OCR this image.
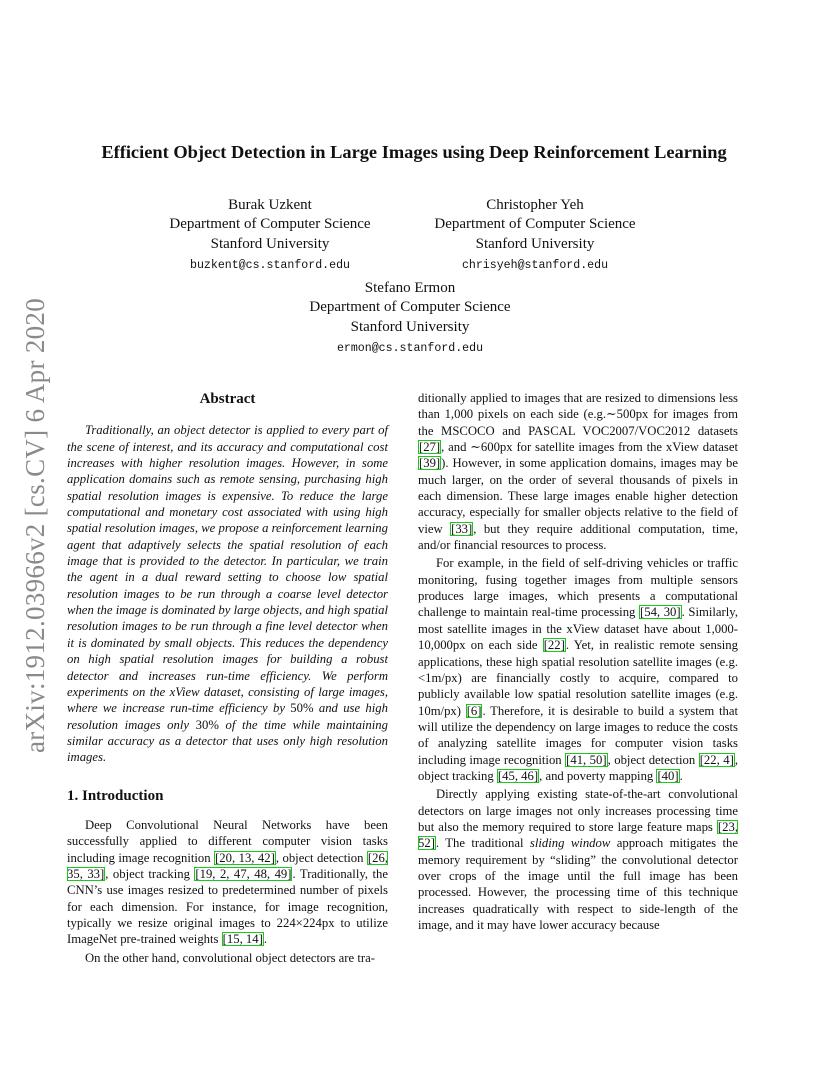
arXiv:1912.03966v2 [cs.CV] 6 Apr 2020
Efficient Object Detection in Large Images using Deep Reinforcement Learning
Burak Uzkent
Department of Computer Science
Stanford University
buzkent@cs.stanford.edu
Christopher Yeh
Department of Computer Science
Stanford University
chrisyeh@stanford.edu
Stefano Ermon
Department of Computer Science
Stanford University
ermon@cs.stanford.edu
Abstract

Traditionally, an object detector is applied to every part of the scene of interest, and its accuracy and computational cost increases with higher resolution images. However, in some application domains such as remote sensing, purchasing high spatial resolution images is expensive. To reduce the large computational and monetary cost associated with using high spatial resolution images, we propose a reinforcement learning agent that adaptively selects the spatial resolution of each image that is provided to the detector. In particular, we train the agent in a dual reward setting to choose low spatial resolution images to be run through a coarse level detector when the image is dominated by large objects, and high spatial resolution images to be run through a fine level detector when it is dominated by small objects. This reduces the dependency on high spatial resolution images for building a robust detector and increases run-time efficiency. We perform experiments on the xView dataset, consisting of large images, where we increase run-time efficiency by 50% and use high resolution images only 30% of the time while maintaining similar accuracy as a detector that uses only high resolution images.

1. Introduction

Deep Convolutional Neural Networks have been successfully applied to different computer vision tasks including image recognition [20, 13, 42], object detection [26, 35, 33], object tracking [19, 2, 47, 48, 49]. Traditionally, the CNN’s use images resized to predetermined number of pixels for each dimension. For instance, for image recognition, typically we resize original images to 224×224px to utilize ImageNet pre-trained weights [15, 14].

On the other hand, convolutional object detectors are tra-

ditionally applied to images that are resized to dimensions less than 1,000 pixels on each side (e.g.∼500px for images from the MSCOCO and PASCAL VOC2007/VOC2012 datasets [27], and ∼600px for satellite images from the xView dataset [39]). However, in some application domains, images may be much larger, on the order of several thousands of pixels in each dimension. These large images enable higher detection accuracy, especially for smaller objects relative to the field of view [33], but they require additional computation, time, and/or financial resources to process.

For example, in the field of self-driving vehicles or traffic monitoring, fusing together images from multiple sensors produces large images, which presents a computational challenge to maintain real-time processing [54, 30]. Similarly, most satellite images in the xView dataset have about 1,000-10,000px on each side [22]. Yet, in realistic remote sensing applications, these high spatial resolution satellite images (e.g.<1m/px) are financially costly to acquire, compared to publicly available low spatial resolution satellite images (e.g. 10m/px) [6]. Therefore, it is desirable to build a system that will utilize the dependency on large images to reduce the costs of analyzing satellite images for computer vision tasks including image recognition [41, 50], object detection [22, 4], object tracking [45, 46], and poverty mapping [40].

Directly applying existing state-of-the-art convolutional detectors on large images not only increases processing time but also the memory required to store large feature maps [23, 52]. The traditional sliding window approach mitigates the memory requirement by “sliding” the convolutional detector over crops of the image until the full image has been processed. However, the processing time of this technique increases quadratically with respect to side-length of the image, and it may have lower accuracy because
